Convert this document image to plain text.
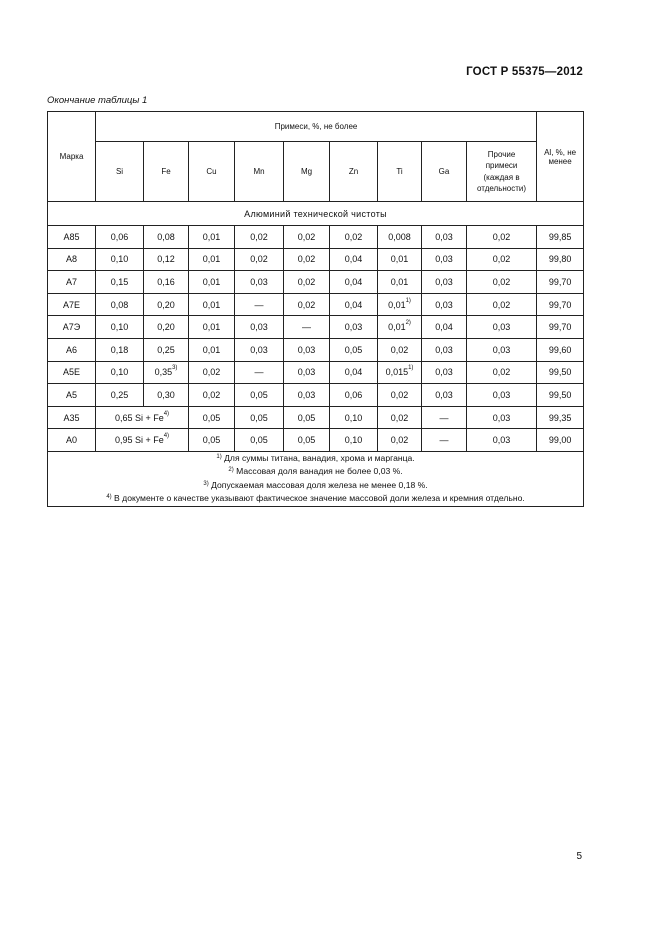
ГОСТ Р 55375—2012
Окончание таблицы 1
Марка	Примеси, %, не более									Al, %, не
менее

	Si	Fe	Cu	Mn	Mg	Zn	Ti	Ga	Прочие
примеси
(каждая в
отдельности)	

Алюминий технической чистоты										
А85	0,06	0,08	0,01	0,02	0,02	0,02	0,008	0,03	0,02	99,85
А8	0,10	0,12	0,01	0,02	0,02	0,04	0,01	0,03	0,02	99,80
А7	0,15	0,16	0,01	0,03	0,02	0,04	0,01	0,03	0,02	99,70
А7Е	0,08	0,20	0,01	—	0,02	0,04	0,01$^{1)}$	0,03	0,02	99,70
А7Э	0,10	0,20	0,01	0,03	—	0,03	0,01$^{2)}$	0,04	0,03	99,70
А6	0,18	0,25	0,01	0,03	0,03	0,05	0,02	0,03	0,03	99,60
А5Е	0,10	0,35$^{3)}$	0,02	—	0,03	0,04	0,015$^{1)}$	0,03	0,02	99,50
А5	0,25	0,30	0,02	0,05	0,03	0,06	0,02	0,03	0,03	99,50
А35	0,65 $Si + Fe^{4)}$		0,05	0,05	0,05	0,10	0,02	—	0,03	99,35
А0	0,95 $Si + Fe^{4)}$		0,05	0,05	0,05	0,10	0,02	—	0,03	99,00

$^{1)}$ Для суммы титана, ванадия, хрома и марганца.
$^{2)}$ Массовая доля ванадия не более 0,03 %.
$^{3)}$ Допускаемая массовая доля железа не менее 0,18 %.
$^{4)}$ В документе о качестве указывают фактическое значение массовой доли железа и кремния отдельно.										
5
